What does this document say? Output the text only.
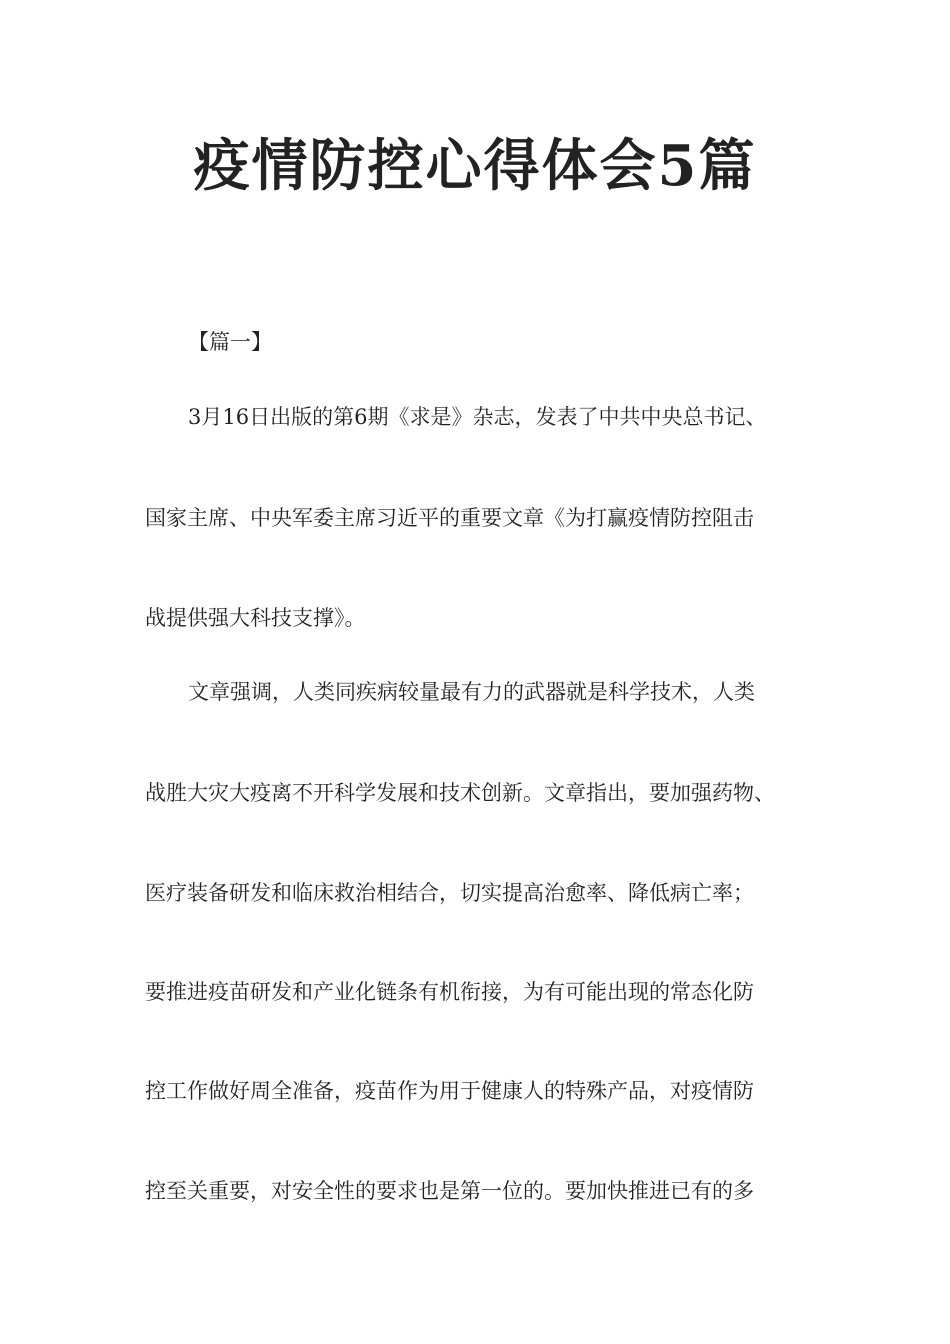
疫情防控心得体会5篇

【篇一】

3月16日出版的第6期《求是》杂志，发表了中共中央总书记、

国家主席、中央军委主席习近平的重要文章《为打赢疫情防控阻击

战提供强大科技支撑》。

文章强调，人类同疾病较量最有力的武器就是科学技术，人类

战胜大灾大疫离不开科学发展和技术创新。文章指出，要加强药物、

医疗装备研发和临床救治相结合，切实提高治愈率、降低病亡率；

要推进疫苗研发和产业化链条有机衔接，为有可能出现的常态化防

控工作做好周全准备，疫苗作为用于健康人的特殊产品，对疫情防

控至关重要，对安全性的要求也是第一位的。要加快推进已有的多
